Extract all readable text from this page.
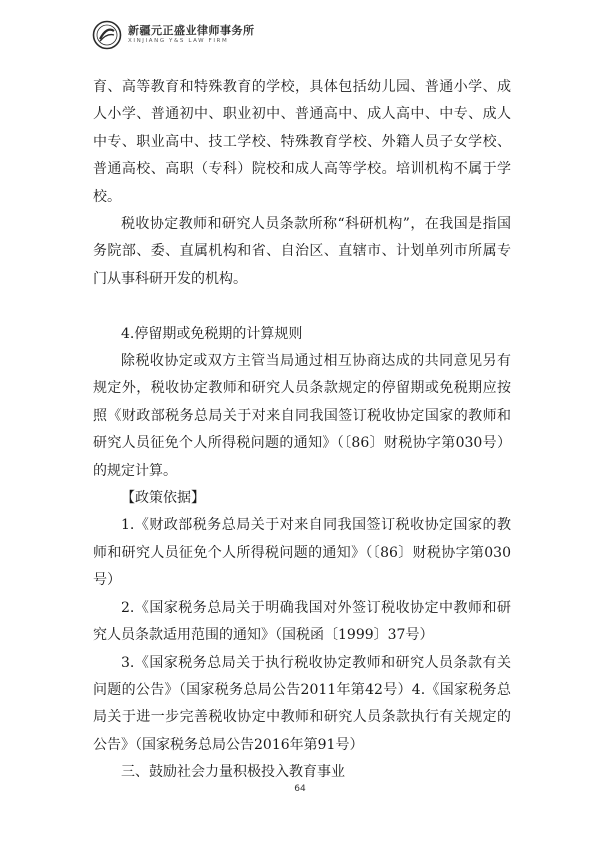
新疆元正盛业律师事务所
XINJIANG Y&S LAW FIRM

育、高等教育和特殊教育的学校，具体包括幼儿园、普通小学、成人小学、普通初中、职业初中、普通高中、成人高中、中专、成人中专、职业高中、技工学校、特殊教育学校、外籍人员子女学校、普通高校、高职（专科）院校和成人高等学校。培训机构不属于学校。

税收协定教师和研究人员条款所称“科研机构”，在我国是指国务院部、委、直属机构和省、自治区、直辖市、计划单列市所属专门从事科研开发的机构。

4.停留期或免税期的计算规则

除税收协定或双方主管当局通过相互协商达成的共同意见另有规定外，税收协定教师和研究人员条款规定的停留期或免税期应按照《财政部税务总局关于对来自同我国签订税收协定国家的教师和研究人员征免个人所得税问题的通知》（〔86〕财税协字第030号）的规定计算。

【政策依据】

1.《财政部税务总局关于对来自同我国签订税收协定国家的教师和研究人员征免个人所得税问题的通知》（〔86〕财税协字第030号）

2.《国家税务总局关于明确我国对外签订税收协定中教师和研究人员条款适用范围的通知》（国税函〔1999〕37号）

3.《国家税务总局关于执行税收协定教师和研究人员条款有关问题的公告》（国家税务总局公告2011年第42号）4.《国家税务总局关于进一步完善税收协定中教师和研究人员条款执行有关规定的公告》（国家税务总局公告2016年第91号）

三、鼓励社会力量积极投入教育事业

64
